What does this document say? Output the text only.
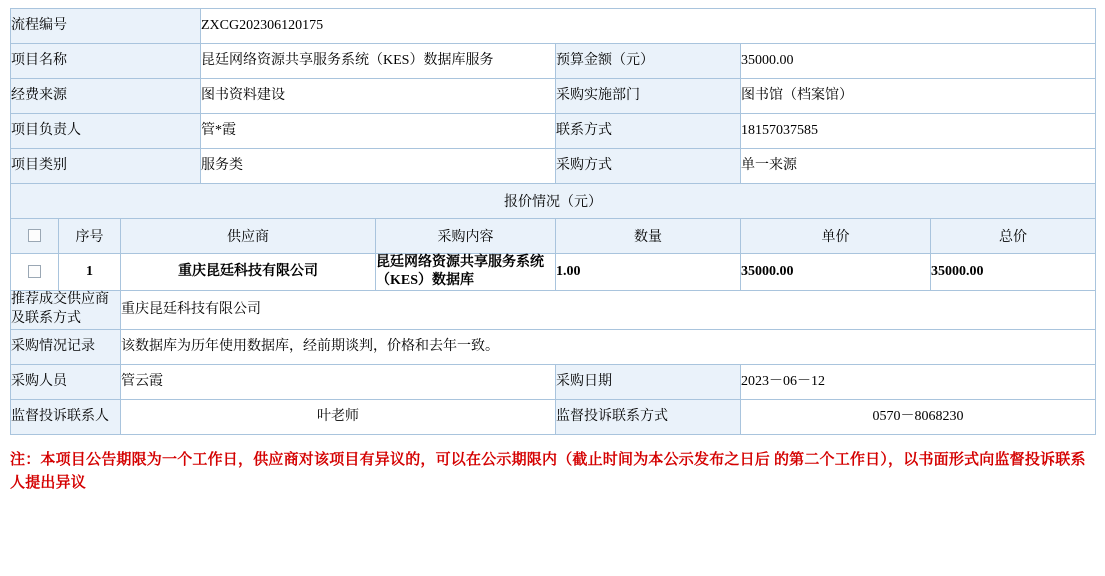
流程编号			ZXCG202306120175				
项目名称			昆廷网络资源共享服务系统（KES）数据库服务		预算金额（元）	35000.00	
经费来源			图书资料建设		采购实施部门	图书馆（档案馆）	
项目负责人			管*霞		联系方式	18157037585	
项目类别			服务类		采购方式	单一来源	
报价情况（元）							
	序号	供应商		采购内容	数量	单价	总价
	1	重庆昆廷科技有限公司		昆廷网络资源共享服务系统（KES）数据库	1.00	35000.00	35000.00
推荐成交供应商及联系方式		重庆昆廷科技有限公司					
采购情况记录		该数据库为历年使用数据库，经前期谈判，价格和去年一致。					
采购人员		管云霞			采购日期	2023－06－12	
监督投诉联系人		叶老师			监督投诉联系方式	0570－8068230	
注：本项目公告期限为一个工作日，供应商对该项目有异议的，可以在公示期限内（截止时间为本公示发布之日后 的第二个工作日），以书面形式向监督投诉联系人提出异议
